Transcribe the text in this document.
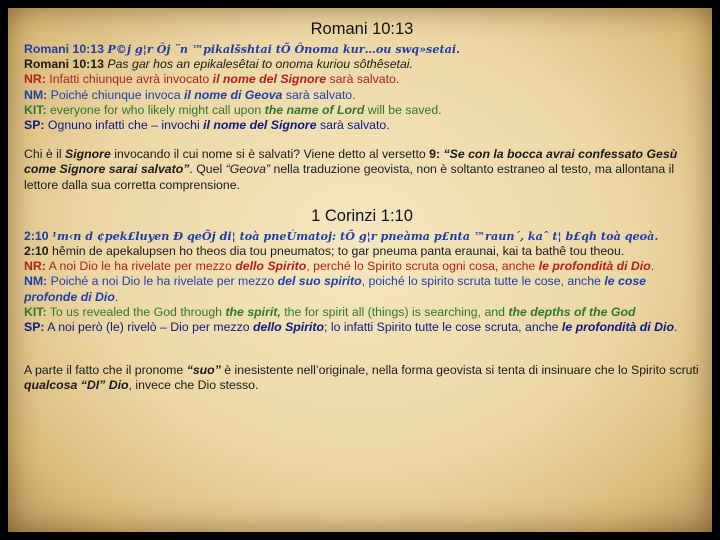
Romani 10:13

Romani 10:13 P©j g¦r Ôj ¨n ™pikalšshtai tÕ Ônoma kur…ou swq»setai.

Romani 10:13 Pas gar hos an epikalesêtai to onoma kuriou sôthêsetai.

NR: Infatti chiunque avrà invocato il nome del Signore sarà salvato.

NM: Poiché chiunque invoca il nome di Geova sarà salvato.

KIT: everyone for who likely might call upon the name of Lord will be saved.

SP: Ognuno infatti che – invochi il nome del Signore sarà salvato.

Chi è il Signore invocando il cui nome si è salvati? Viene detto al versetto 9: “Se con la bocca avrai confessato Gesù come Signore sarai salvato”. Quel “Geova” nella traduzione geovista, non è soltanto estraneo al testo, ma allontana il lettore dalla sua corretta comprensione.

1 Corinzi 1:10

2:10 ¹m‹n d ¢pek£luyen Ð qeÕj di¦ toà pneÚmatoj: tÕ g¦r pneàma p£nta ™raun´, kaˆ t¦ b£qh toà qeoà.

2:10 hêmin de apekalupsen ho theos dia tou pneumatos; to gar pneuma panta eraunai, kai ta bathê tou theou.

NR: A noi Dio le ha rivelate per mezzo dello Spirito, perché lo Spirito scruta ogni cosa, anche le profondità di Dio.

NM: Poiché a noi Dio le ha rivelate per mezzo del suo spirito, poiché lo spirito scruta tutte le cose, anche le cose profonde di Dio.

KIT: To us revealed the God through the spirit, the for spirit all (things) is searching, and the depths of the God

SP: A noi però (le) rivelò – Dio per mezzo dello Spirito; lo infatti Spirito tutte le cose scruta, anche le profondità di Dio.

A parte il fatto che il pronome “suo” è inesistente nell’originale, nella forma geovista si tenta di insinuare che lo Spirito scruti qualcosa “DI” Dio, invece che Dio stesso.
